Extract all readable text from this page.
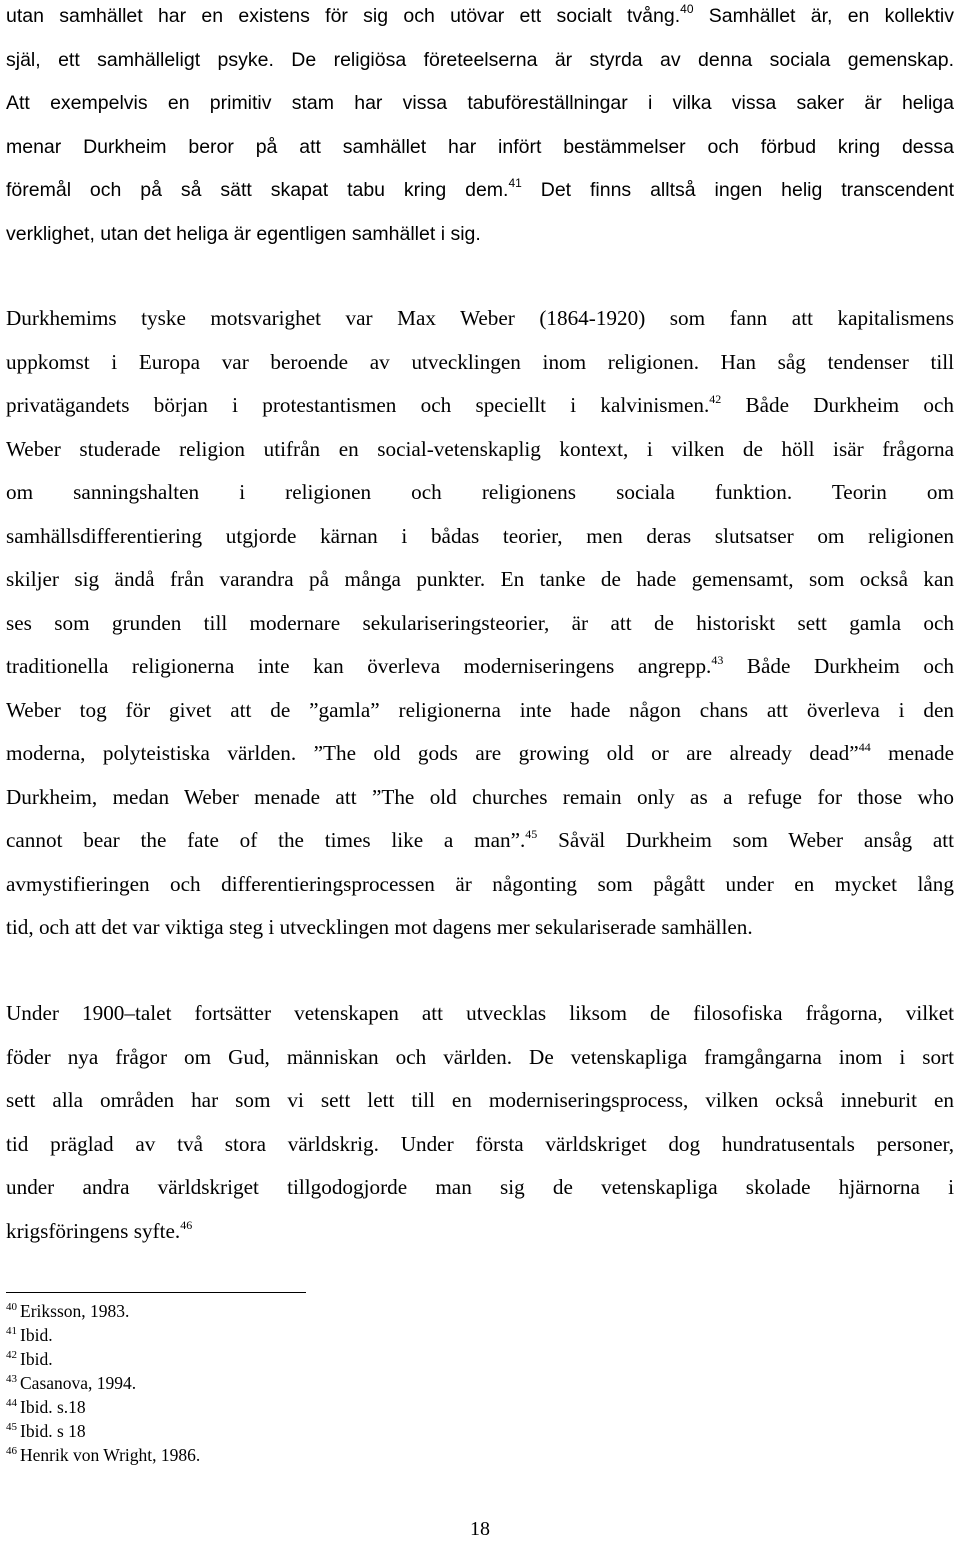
utan samhället har en existens för sig och utövar ett socialt tvång.$^{40}$ Samhället är, en kollektiv
själ, ett samhälleligt psyke. De religiösa företeelserna är styrda av denna sociala gemenskap.
Att exempelvis en primitiv stam har vissa tabuföreställningar i vilka vissa saker är heliga
menar Durkheim beror på att samhället har infört bestämmelser och förbud kring dessa
föremål och på så sätt skapat tabu kring dem.$^{41}$ Det finns alltså ingen helig transcendent
verklighet, utan det heliga är egentligen samhället i sig.
Durkhemims tyske motsvarighet var Max Weber (1864-1920) som fann att kapitalismens
uppkomst i Europa var beroende av utvecklingen inom religionen. Han såg tendenser till
privatägandets början i protestantismen och speciellt i kalvinismen.$^{42}$ Både Durkheim och
Weber studerade religion utifrån en social-vetenskaplig kontext, i vilken de höll isär frågorna
om sanningshalten i religionen och religionens sociala funktion. Teorin om
samhällsdifferentiering utgjorde kärnan i bådas teorier, men deras slutsatser om religionen
skiljer sig ändå från varandra på många punkter. En tanke de hade gemensamt, som också kan
ses som grunden till modernare sekulariseringsteorier, är att de historiskt sett gamla och
traditionella religionerna inte kan överleva moderniseringens angrepp.$^{43}$ Både Durkheim och
Weber tog för givet att de ”gamla” religionerna inte hade någon chans att överleva i den
moderna, polyteistiska världen. ”The old gods are growing old or are already dead”$^{44}$ menade
Durkheim, medan Weber menade att ”The old churches remain only as a refuge for those who
cannot bear the fate of the times like a man”.$^{45}$ Såväl Durkheim som Weber ansåg att
avmystifieringen och differentieringsprocessen är någonting som pågått under en mycket lång
tid, och att det var viktiga steg i utvecklingen mot dagens mer sekulariserade samhällen.
Under 1900–talet fortsätter vetenskapen att utvecklas liksom de filosofiska frågorna, vilket
föder nya frågor om Gud, människan och världen. De vetenskapliga framgångarna inom i sort
sett alla områden har som vi sett lett till en moderniseringsprocess, vilken också inneburit en
tid präglad av två stora världskrig. Under första världskriget dog hundratusentals personer,
under andra världskriget tillgodogjorde man sig de vetenskapliga skolade hjärnorna i
krigsföringens syfte.$^{46}$
$^{40}$ Eriksson, 1983.
$^{41}$ Ibid.
$^{42}$ Ibid.
$^{43}$ Casanova, 1994.
$^{44}$ Ibid. s.18
$^{45}$ Ibid. s 18
$^{46}$ Henrik von Wright, 1986.
18
